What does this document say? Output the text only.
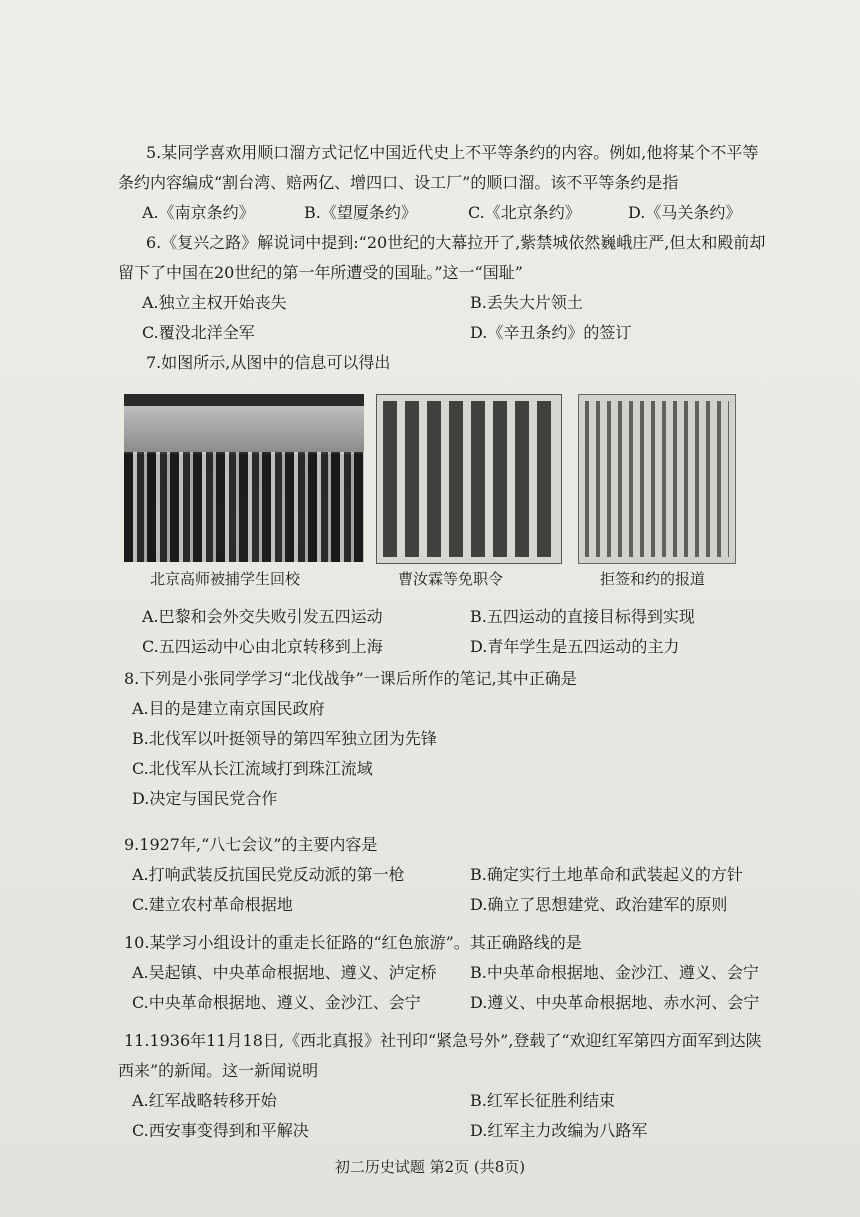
5.某同学喜欢用顺口溜方式记忆中国近代史上不平等条约的内容。例如,他将某个不平等条约内容编成“割台湾、赔两亿、增四口、设工厂”的顺口溜。该不平等条约是指

A.《南京条约》	B.《望厦条约》	C.《北京条约》	D.《马关条约》

6.《复兴之路》解说词中提到:“20世纪的大幕拉开了,紫禁城依然巍峨庄严,但太和殿前却留下了中国在20世纪的第一年所遭受的国耻。”这一“国耻”

A.独立主权开始丧失	B.丢失大片领土
C.覆没北洋全军	D.《辛丑条约》的签订

7.如图所示,从图中的信息可以得出

北京高师被捕学生回校	曹汝霖等免职令	拒签和约的报道
A.巴黎和会外交失败引发五四运动	B.五四运动的直接目标得到实现
C.五四运动中心由北京转移到上海	D.青年学生是五四运动的主力

8.下列是小张同学学习“北伐战争”一课后所作的笔记,其中正确是

A.目的是建立南京国民政府
B.北伐军以叶挺领导的第四军独立团为先锋
C.北伐军从长江流域打到珠江流域
D.决定与国民党合作

9.1927年,“八七会议”的主要内容是

A.打响武装反抗国民党反动派的第一枪	B.确定实行土地革命和武装起义的方针
C.建立农村革命根据地	D.确立了思想建党、政治建军的原则

10.某学习小组设计的重走长征路的“红色旅游”。其正确路线的是

A.吴起镇、中央革命根据地、遵义、泸定桥 B.中央革命根据地、金沙江、遵义、会宁
C.中央革命根据地、遵义、金沙江、会宁	D.遵义、中央革命根据地、赤水河、会宁

11.1936年11月18日,《西北真报》社刊印“紧急号外”,登载了“欢迎红军第四方面军到达陕西来”的新闻。这一新闻说明

A.红军战略转移开始	B.红军长征胜利结束
C.西安事变得到和平解决	D.红军主力改编为八路军
初二历史试题 第2页 (共8页)
